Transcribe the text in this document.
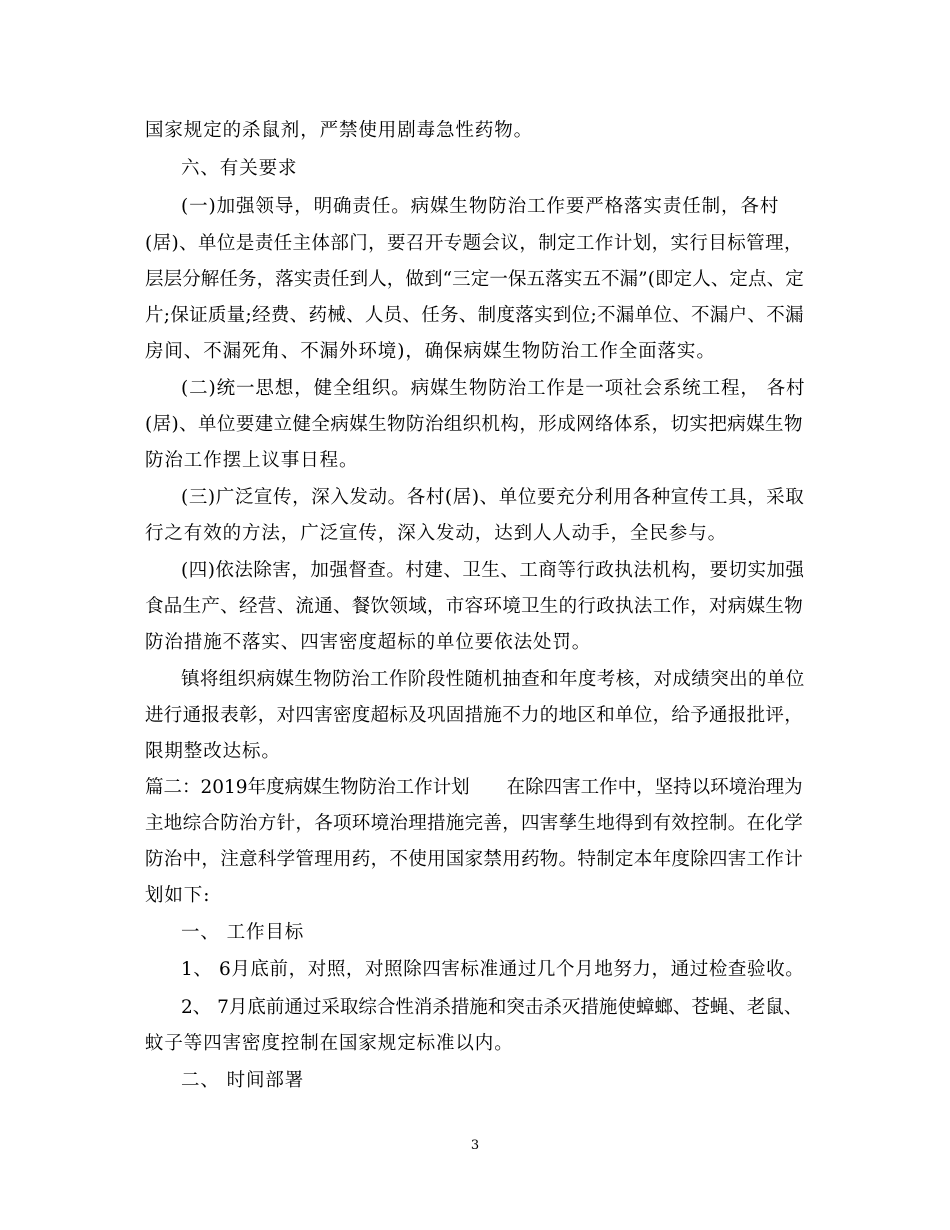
国家规定的杀鼠剂，严禁使用剧毒急性药物。
六、有关要求
(一)加强领导，明确责任。病媒生物防治工作要严格落实责任制，各村
(居)、单位是责任主体部门，要召开专题会议，制定工作计划，实行目标管理，
层层分解任务，落实责任到人，做到“三定一保五落实五不漏”(即定人、定点、定
片;保证质量;经费、药械、人员、任务、制度落实到位;不漏单位、不漏户、不漏
房间、不漏死角、不漏外环境)，确保病媒生物防治工作全面落实。
(二)统一思想，健全组织。病媒生物防治工作是一项社会系统工程， 各村
(居)、单位要建立健全病媒生物防治组织机构，形成网络体系，切实把病媒生物
防治工作摆上议事日程。
(三)广泛宣传，深入发动。各村(居)、单位要充分利用各种宣传工具，采取
行之有效的方法，广泛宣传，深入发动，达到人人动手，全民参与。
(四)依法除害，加强督查。村建、卫生、工商等行政执法机构，要切实加强
食品生产、经营、流通、餐饮领域，市容环境卫生的行政执法工作，对病媒生物
防治措施不落实、四害密度超标的单位要依法处罚。
镇将组织病媒生物防治工作阶段性随机抽查和年度考核，对成绩突出的单位
进行通报表彰，对四害密度超标及巩固措施不力的地区和单位，给予通报批评，
限期整改达标。
篇二：2019年度病媒生物防治工作计划　　在除四害工作中，坚持以环境治理为
主地综合防治方针，各项环境治理措施完善，四害孳生地得到有效控制。在化学
防治中，注意科学管理用药，不使用国家禁用药物。特制定本年度除四害工作计
划如下:
一、 工作目标
1、 6月底前，对照，对照除四害标准通过几个月地努力，通过检查验收。
2、 7月底前通过采取综合性消杀措施和突击杀灭措施使蟑螂、苍蝇、老鼠、
蚊子等四害密度控制在国家规定标准以内。
二、 时间部署
3
